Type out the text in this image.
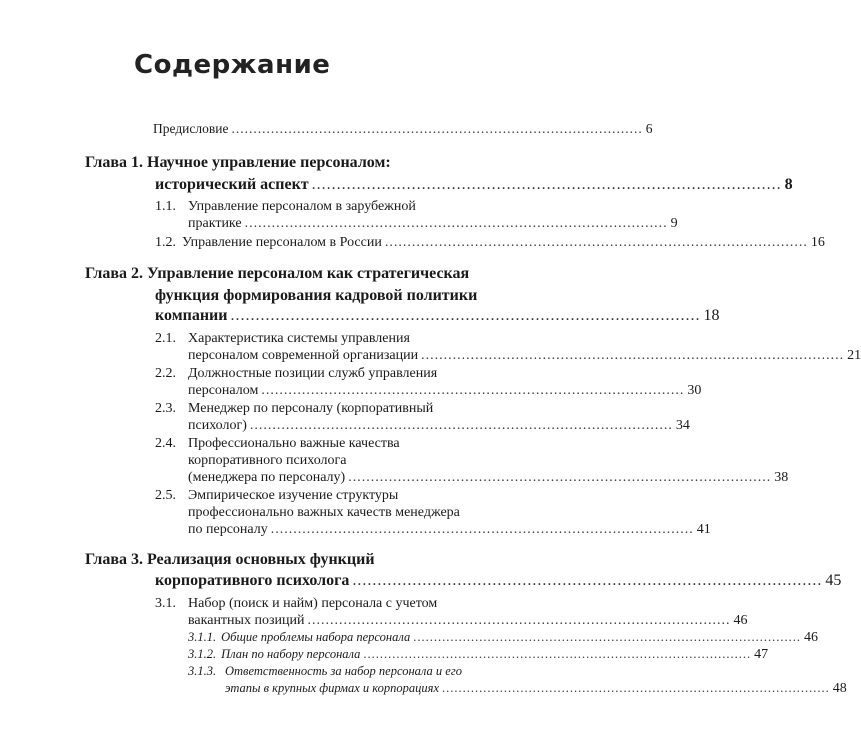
Содержание
Предисловие .............................................................................................. 6
Глава 1. Научное управление персоналом:
исторический аспект .............................................................................................. 8
1.1. Управление персоналом в зарубежной
практике .............................................................................................. 9
1.2. Управление персоналом в России .............................................................................................. 16
Глава 2. Управление персоналом как стратегическая
функция формирования кадровой политики
компании .............................................................................................. 18
2.1. Характеристика системы управления
персоналом современной организации .............................................................................................. 21
2.2. Должностные позиции служб управления
персоналом .............................................................................................. 30
2.3. Менеджер по персоналу (корпоративный
психолог) .............................................................................................. 34
2.4. Профессионально важные качества
корпоративного психолога
(менеджера по персоналу) .............................................................................................. 38
2.5. Эмпирическое изучение структуры
профессионально важных качеств менеджера
по персоналу .............................................................................................. 41
Глава 3. Реализация основных функций
корпоративного психолога .............................................................................................. 45
3.1. Набор (поиск и найм) персонала с учетом
вакантных позиций .............................................................................................. 46
3.1.1. Общие проблемы набора персонала .............................................................................................. 46
3.1.2. План по набору персонала .............................................................................................. 47
3.1.3. Ответственность за набор персонала и его
этапы в крупных фирмах и корпорациях .............................................................................................. 48
